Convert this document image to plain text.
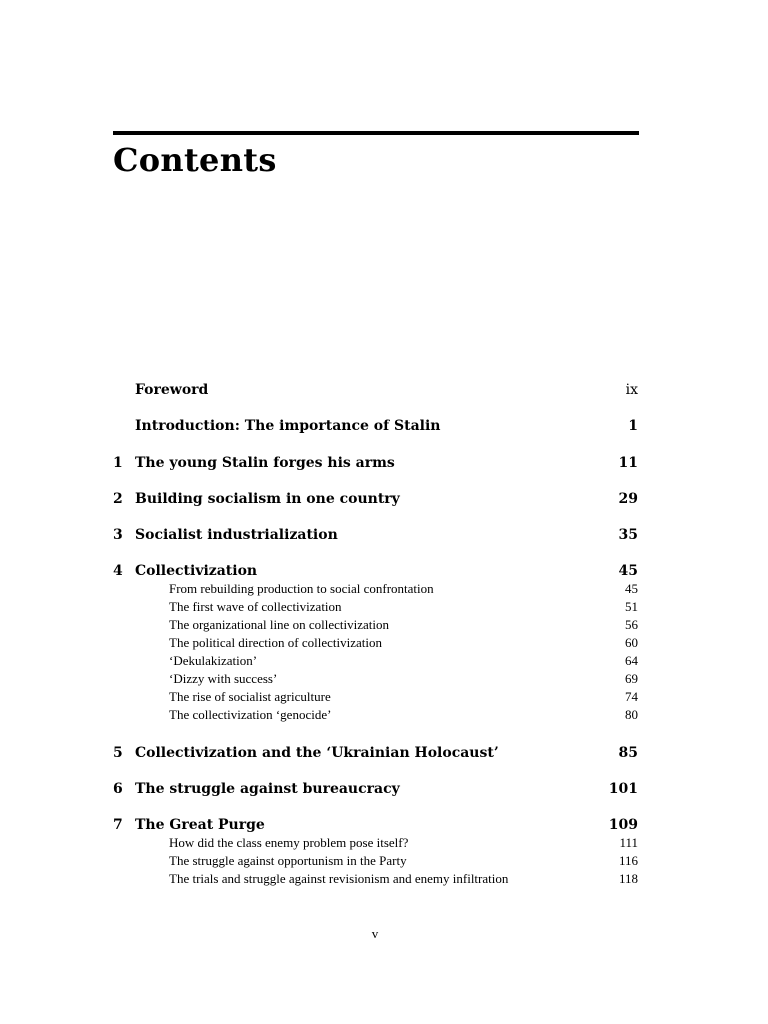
Contents
Foreword	ix
Introduction: The importance of Stalin	1
1 The young Stalin forges his arms	11
2 Building socialism in one country	29
3 Socialist industrialization	35
4 Collectivization	45
From rebuilding production to social confrontation	45
The first wave of collectivization	51
The organizational line on collectivization	56
The political direction of collectivization	60
‘Dekulakization’	64
‘Dizzy with success’	69
The rise of socialist agriculture	74
The collectivization ‘genocide’	80
5 Collectivization and the ‘Ukrainian Holocaust’	85
6 The struggle against bureaucracy	101
7 The Great Purge	109
How did the class enemy problem pose itself?	111
The struggle against opportunism in the Party	116
The trials and struggle against revisionism and enemy infiltration	118
v
